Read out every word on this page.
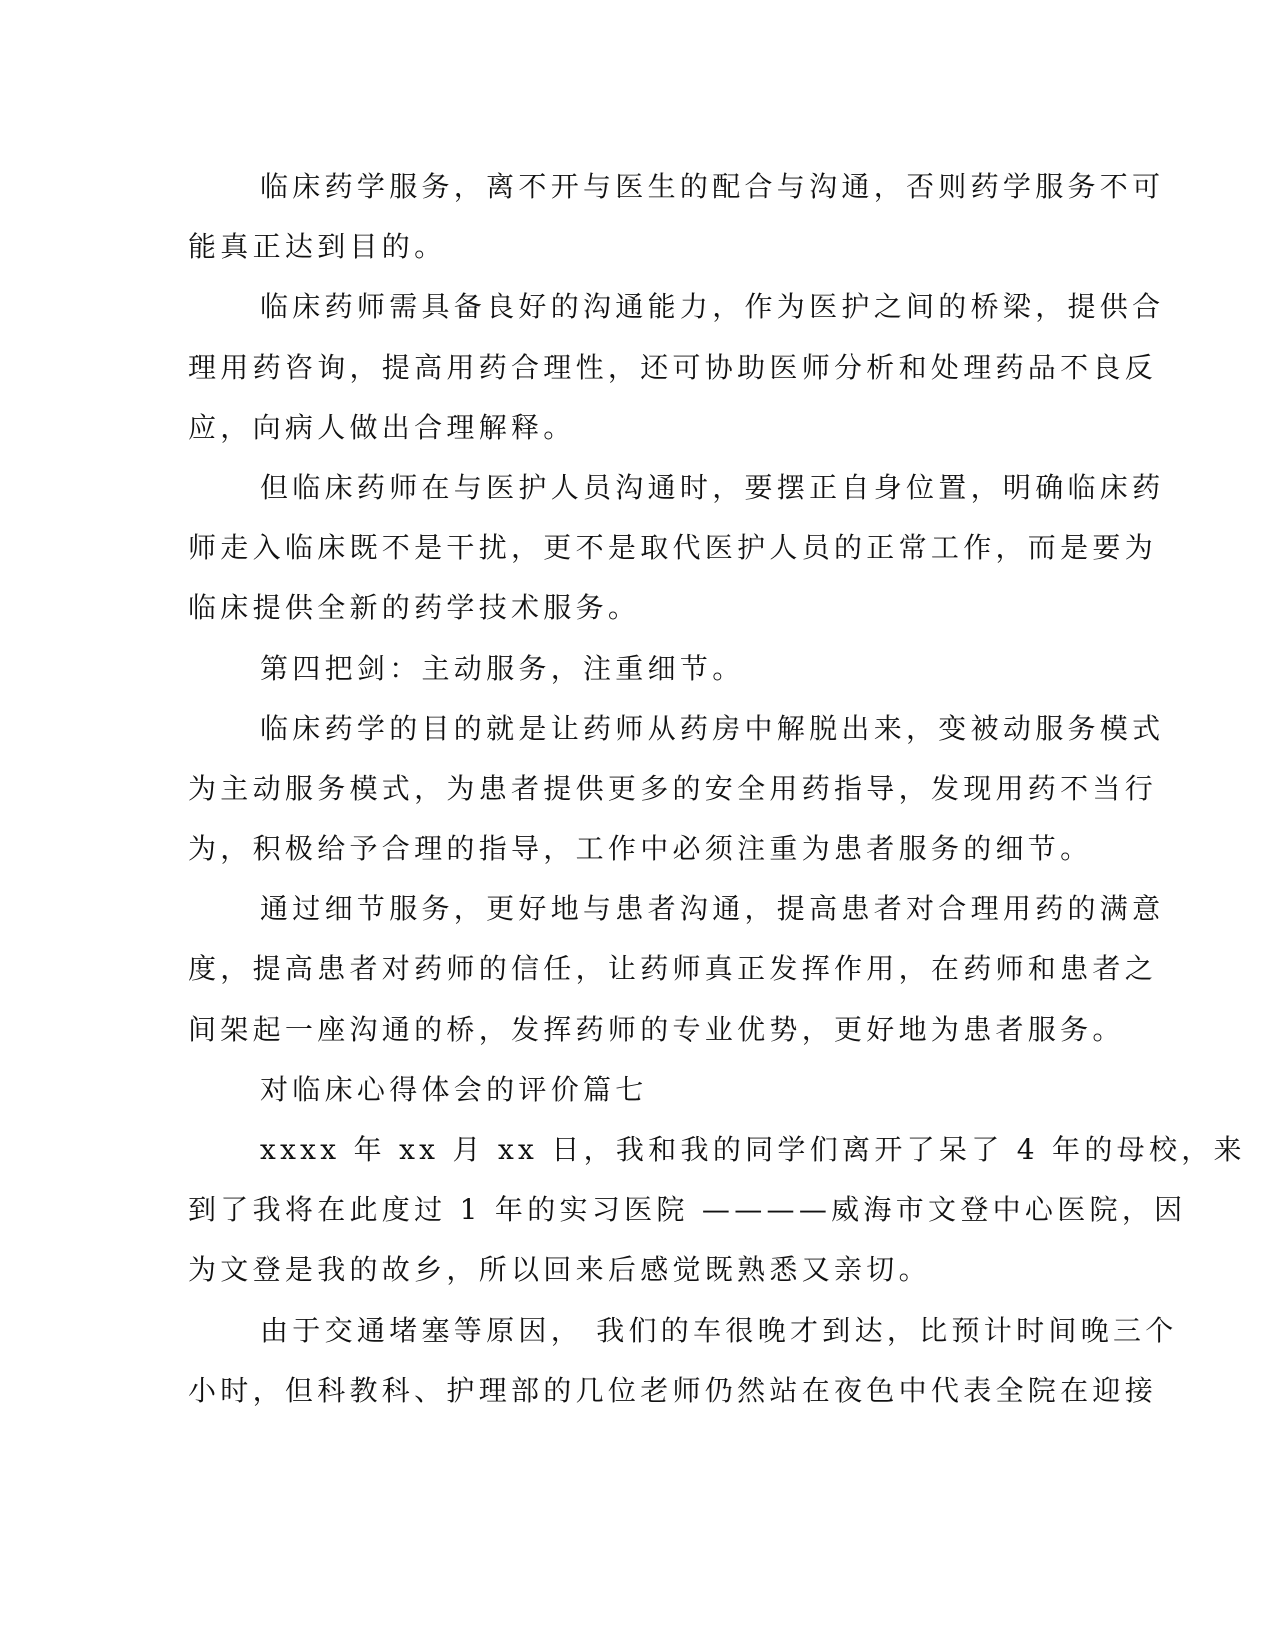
临床药学服务，离不开与医生的配合与沟通，否则药学服务不可
能真正达到目的。
临床药师需具备良好的沟通能力，作为医护之间的桥梁，提供合
理用药咨询，提高用药合理性，还可协助医师分析和处理药品不良反
应，向病人做出合理解释。
但临床药师在与医护人员沟通时，要摆正自身位置，明确临床药
师走入临床既不是干扰，更不是取代医护人员的正常工作，而是要为
临床提供全新的药学技术服务。
第四把剑：主动服务，注重细节。
临床药学的目的就是让药师从药房中解脱出来，变被动服务模式
为主动服务模式，为患者提供更多的安全用药指导，发现用药不当行
为，积极给予合理的指导，工作中必须注重为患者服务的细节。
通过细节服务，更好地与患者沟通，提高患者对合理用药的满意
度，提高患者对药师的信任，让药师真正发挥作用，在药师和患者之
间架起一座沟通的桥，发挥药师的专业优势，更好地为患者服务。
对临床心得体会的评价篇七
xxxx 年 xx 月 xx 日，我和我的同学们离开了呆了 4 年的母校，来
到了我将在此度过 1 年的实习医院 ————威海市文登中心医院，因
为文登是我的故乡，所以回来后感觉既熟悉又亲切。
由于交通堵塞等原因， 我们的车很晚才到达，比预计时间晚三个
小时，但科教科、护理部的几位老师仍然站在夜色中代表全院在迎接
